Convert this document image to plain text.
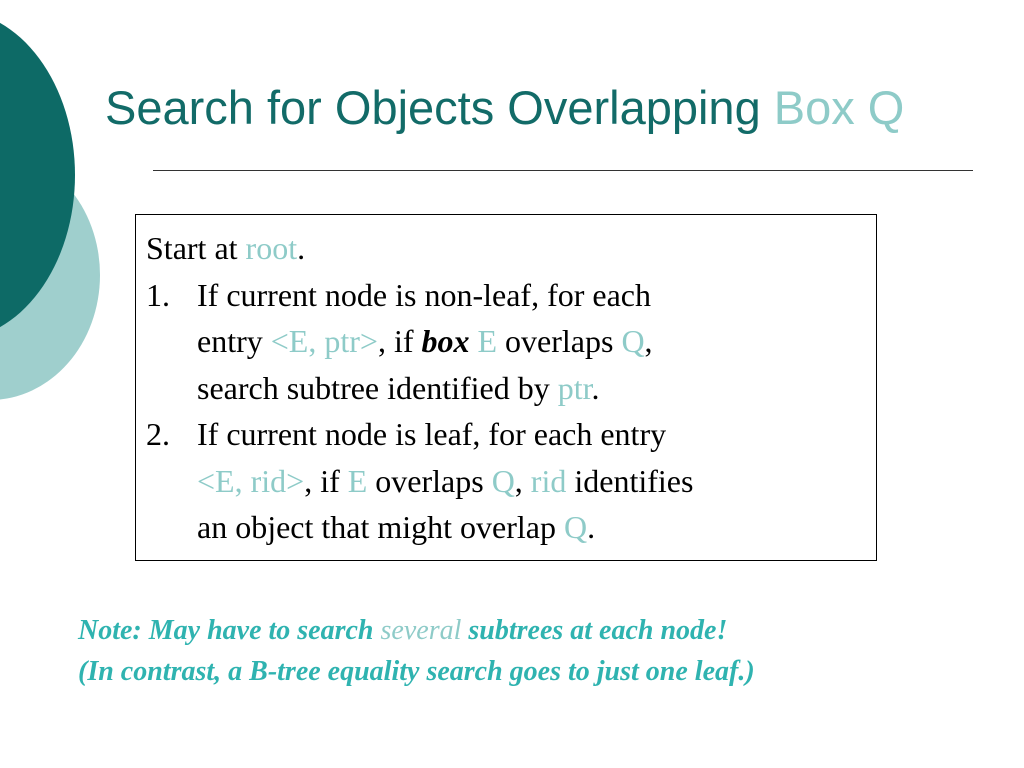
Search for Objects Overlapping Box Q
Start at root.
1. If current node is non-leaf, for each
entry <E, ptr>, if box E overlaps Q,
search subtree identified by ptr.
2. If current node is leaf, for each entry
<E, rid>, if E overlaps Q, rid identifies
an object that might overlap Q.
Note: May have to search several subtrees at each node!
(In contrast, a B-tree equality search goes to just one leaf.)
